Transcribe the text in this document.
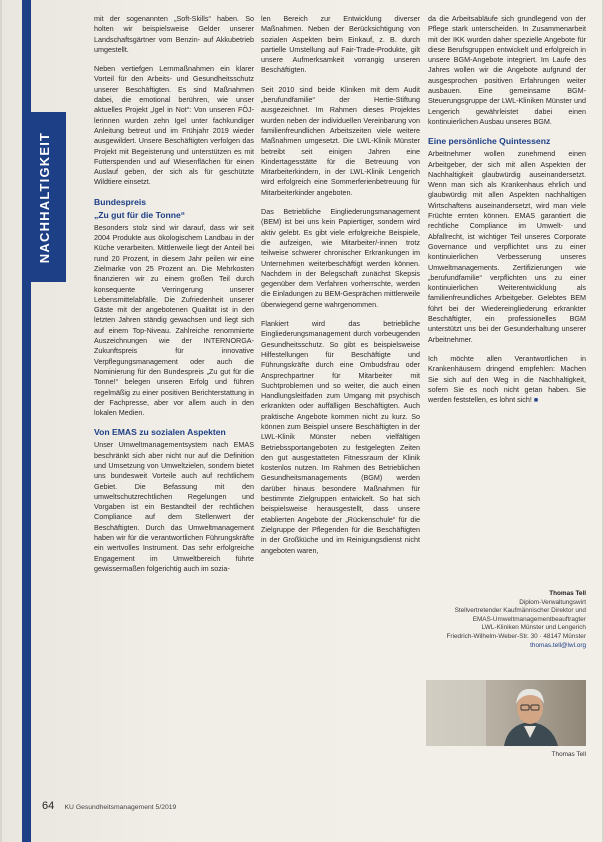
NACHHALTIGKEIT

mit der sogenannten „Soft-Skills“ haben. So holten wir beispielsweise Gelder unserer Landschaftsgärtner vom Benzin- auf Akkubetrieb umgestellt.

Neben vertiefgen Lernmaßnahmen ein klarer Vorteil für den Arbeits- und Gesundheitsschutz unserer Beschäftigten. Es sind Maßnahmen dabei, die emotional berühren, wie unser aktuelles Projekt „Igel in Not“: Von unseren FÖJ-lerinnen wurden zehn Igel unter fachkundiger Anleitung betreut und im Frühjahr 2019 wieder ausgewildert. Unsere Beschäftigten verfolgen das Projekt mit Begeisterung und unterstützen es mit Futterspenden und auf Wiesenflächen für einen Auslauf geben, der sich als für geschützte Wildtiere einsetzt.

Bundespreis
„Zu gut für die Tonne“

Besonders stolz sind wir darauf, dass wir seit 2004 Produkte aus ökologischem Landbau in der Küche verarbeiten. Mittlerweile liegt der Anteil bei rund 20 Prozent, in diesem Jahr peilen wir eine Zielmarke von 25 Prozent an. Die Mehrkosten finanzieren wir zu einem großen Teil durch konsequente Verringerung unserer Lebensmittelabfälle. Die Zufriedenheit unserer Gäste mit der angebotenen Qualität ist in den letzten Jahren ständig gewachsen und liegt sich auf einem Top-Niveau. Zahlreiche renommierte Auszeichnungen wie der INTERNORGA-Zukunftspreis für innovative Verpflegungsmanagement oder auch die Nominierung für den Bundespreis „Zu gut für die Tonne!“ belegen unseren Erfolg und führen regelmäßig zu einer positiven Berichterstattung in der Fachpresse, aber vor allem auch in den lokalen Medien.

Von EMAS zu sozialen Aspekten

Unser Umweltmanagementsystem nach EMAS beschränkt sich aber nicht nur auf die Definition und Umsetzung von Umweltzielen, sondern bietet uns bundesweit Vorteile auch auf rechtlichem Gebiet. Die Befassung mit den umweltschutzrechtlichen Regelungen und Vorgaben ist ein Bestandteil der rechtlichen Compliance auf dem Stellenwert der Beschäftigten. Durch das Umweltmanagement haben wir für die verantwortlichen Führungskräfte ein wertvolles Instrument. Das sehr erfolgreiche Engagement im Umweltbereich führte gewissermaßen folgerichtig auch im sozia-

len Bereich zur Entwicklung diverser Maßnahmen. Neben der Berücksichtigung von sozialen Aspekten beim Einkauf, z. B. durch partielle Umstellung auf Fair-Trade-Produkte, gilt unsere Aufmerksamkeit vorrangig unseren Beschäftigten.

Seit 2010 sind beide Kliniken mit dem Audit „berufundfamilie“ der Hertie-Stiftung ausgezeichnet. Im Rahmen dieses Projektes wurden neben der individuellen Vereinbarung von familienfreundlichen Arbeitszeiten viele weitere Maßnahmen umgesetzt. Die LWL-Klinik Münster betreibt seit einigen Jahren eine Kindertagesstätte für die Betreuung von Mitarbeiterkindern, in der LWL-Klinik Lengerich wird erfolgreich eine Sommerferienbetreuung für Mitarbeiterkinder angeboten.

Das Betriebliche Eingliederungsmanagement (BEM) ist bei uns kein Papiertiger, sondern wird aktiv gelebt. Es gibt viele erfolgreiche Beispiele, die aufzeigen, wie Mitarbeiter/-innen trotz teilweise schwerer chronischer Erkrankungen im Unternehmen weiterbeschäftigt werden können. Nachdem in der Belegschaft zunächst Skepsis gegenüber dem Verfahren vorherrschte, werden die Einladungen zu BEM-Gesprächen mittlerweile überwiegend gerne wahrgenommen.

Flankiert wird das betriebliche Eingliederungsmanagement durch vorbeugenden Gesundheitsschutz. So gibt es beispielsweise Hilfestellungen für Beschäftigte und Führungskräfte durch eine Ombudsfrau oder Ansprechpartner für Mitarbeiter mit Suchtproblemen und so weiter, die auch einen Handlungsleitfaden zum Umgang mit psychisch erkrankten oder auffälligen Beschäftigten. Auch praktische Angebote kommen nicht zu kurz. So können zum Beispiel unsere Beschäftigten in der LWL-Klinik Münster neben vielfältigen Betriebssportangeboten zu festgelegten Zeiten den gut ausgestatteten Fitnessraum der Klinik kostenlos nutzen. Im Rahmen des Betrieblichen Gesundheitsmanagements (BGM) werden darüber hinaus besondere Maßnahmen für bestimmte Zielgruppen entwickelt. So hat sich beispielsweise herausgestellt, dass unsere etablierten Angebote der „Rückenschule“ für die Zielgruppe der Pflegenden für die Beschäftigten in der Großküche und im Reinigungsdienst nicht angeboten waren,

da die Arbeitsabläufe sich grundlegend von der Pflege stark unterscheiden. In Zusammenarbeit mit der IKK wurden daher spezielle Angebote für diese Berufsgruppen entwickelt und erfolgreich in unsere BGM-Angebote integriert. Im Laufe des Jahres wollen wir die Angebote aufgrund der ausgesprochen positiven Erfahrungen weiter ausbauen. Eine gemeinsame BGM-Steuerungsgruppe der LWL-Kliniken Münster und Lengerich gewährleistet dabei einen kontinuierlichen Ausbau unseres BGM.

Eine persönliche Quintessenz

Arbeitnehmer wollen zunehmend einen Arbeitgeber, der sich mit allen Aspekten der Nachhaltigkeit glaubwürdig auseinandersetzt. Wenn man sich als Krankenhaus ehrlich und glaubwürdig mit allen Aspekten nachhaltigen Wirtschaftens auseinandersetzt, wird man viele Früchte ernten können. EMAS garantiert die rechtliche Compliance im Umwelt- und Abfallrecht, ist wichtiger Teil unseres Corporate Governance und verpflichtet uns zu einer kontinuierlichen Verbesserung unseres Umweltmanagements. Zertifizierungen wie „berufundfamilie“ verpflichten uns zu einer kontinuierlichen Weiterentwicklung als familienfreundliches Arbeitgeber. Gelebtes BEM führt bei der Wiedereingliederung erkrankter Beschäftigter, ein professionelles BGM unterstützt uns bei der Gesunderhaltung unserer Arbeitnehmer.

Ich möchte allen Verantwortlichen in Krankenhäusern dringend empfehlen: Machen Sie sich auf den Weg in die Nachhaltigkeit, sofern Sie es noch nicht getan haben. Sie werden feststellen, es lohnt sich! ■

Thomas Tell
Diplom-Verwaltungswirt
Stellvertretender Kaufmännischer Direktor und
EMAS-Umweltmanagementbeauftragter
LWL-Kliniken Münster und Lengerich
Friedrich-Wilhelm-Weber-Str. 30 · 48147 Münster
thomas.tell@lwl.org
Thomas Tell
64 KU Gesundheitsmanagement 5/2019
